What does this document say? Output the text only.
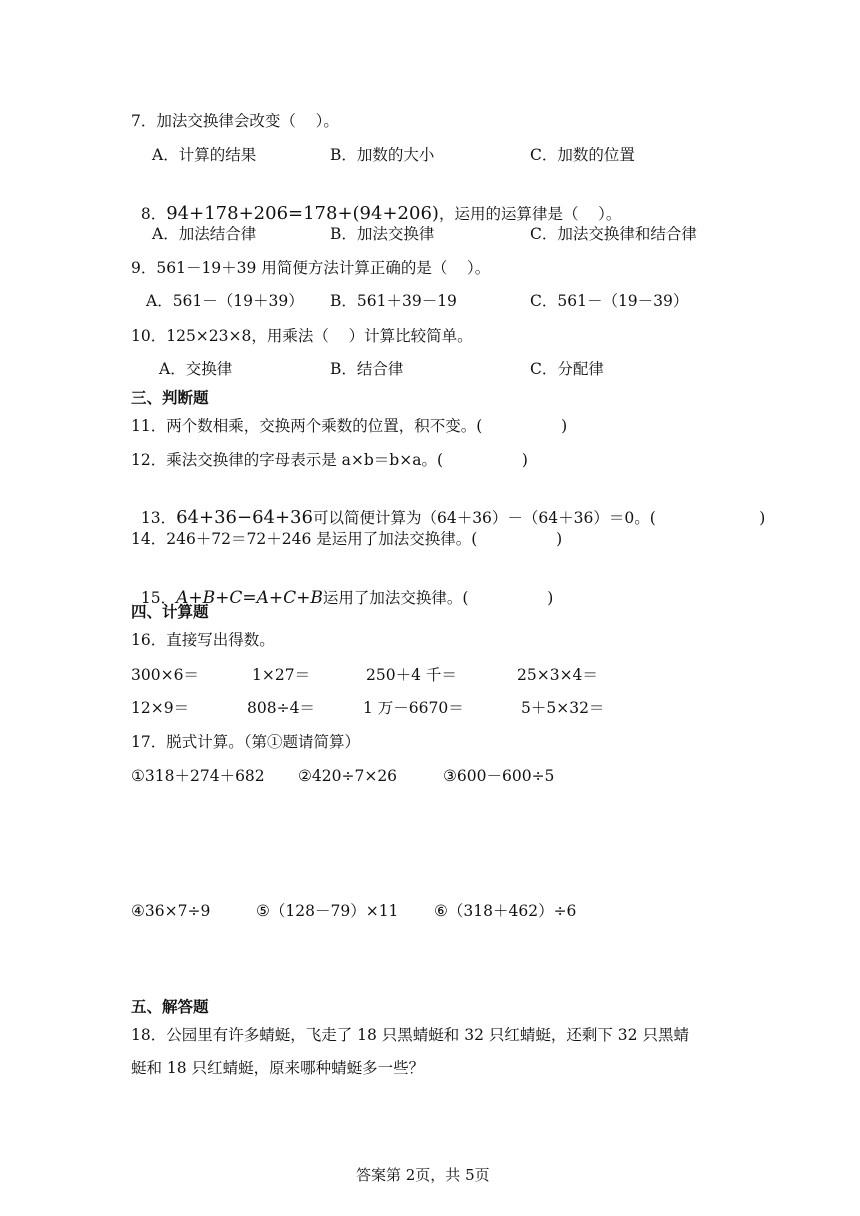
7．加法交换律会改变（    ）。
A．计算的结果	B．加数的大小	C．加数的位置

8．94+178+206=178+(94+206)，运用的运算律是（    ）。

A．加法结合律	B．加法交换律	C．加法交换律和结合律
9．561－19＋39 用简便方法计算正确的是（    ）。
A．561－（19＋39） B．561＋39－19	C．561－（19－39）
10．125×23×8，用乘法（    ）计算比较简单。
A．交换律	B．结合律	C．分配律
三、判断题
11．两个数相乘，交换两个乘数的位置，积不变。(                )
12．乘法交换律的字母表示是 a×b＝b×a。(                )

13．64+36−64+36可以简便计算为（64＋36）－（64＋36）＝0。(                     )

14．246＋72＝72＋246 是运用了加法交换律。(                )

15．A+B+C=A+C+B运用了加法交换律。(                )

四、计算题
16．直接写出得数。
300×6＝	1×27＝	250＋4 千＝	25×3×4＝
12×9＝	808÷4＝	1 万－6670＝	5＋5×32＝
17．脱式计算。（第①题请简算）
①318＋274＋682 ②420÷7×26	③600－600÷5
④36×7÷9	⑤（128－79）×11 ⑥（318＋462）÷6
五、解答题
18．公园里有许多蜻蜓，飞走了 18 只黑蜻蜓和 32 只红蜻蜓，还剩下 32 只黑蜻
蜓和 18 只红蜻蜓，原来哪种蜻蜓多一些？
答案第 2页，共 5页
